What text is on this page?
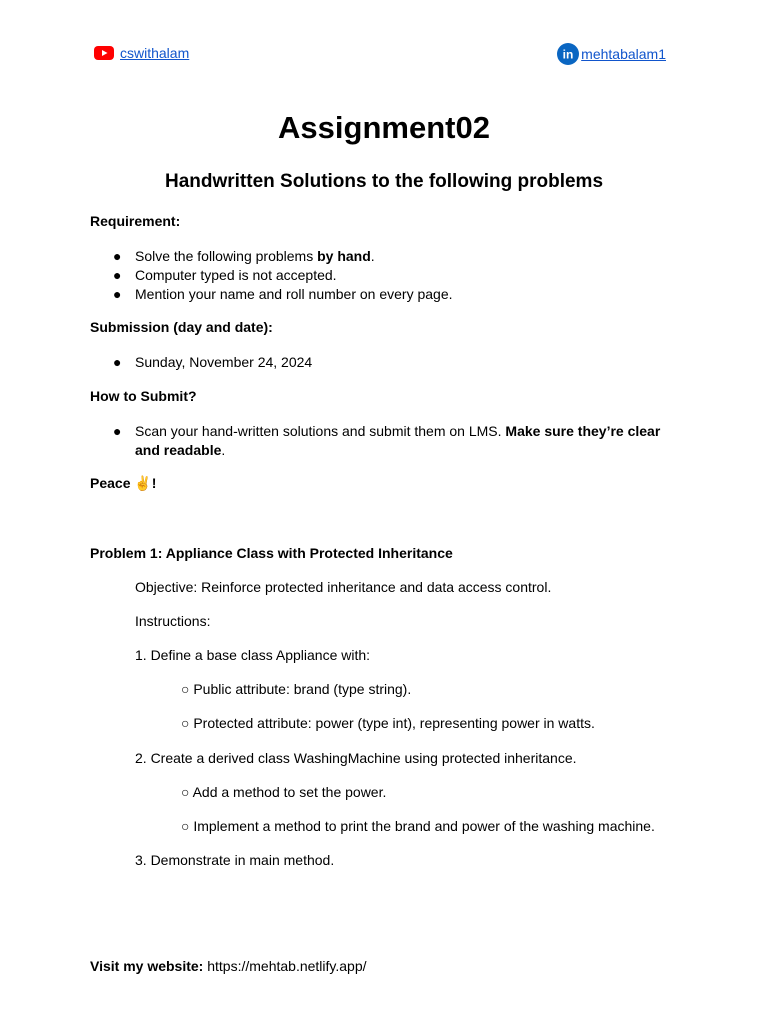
cswithalam	in mehtabalam1
Assignment02
Handwritten Solutions to the following problems
Requirement:
● Solve the following problems by hand.
● Computer typed is not accepted.
● Mention your name and roll number on every page.
Submission (day and date):
● Sunday, November 24, 2024
How to Submit?
● Scan your hand-written solutions and submit them on LMS. Make sure they’re clear and readable.
Peace ✌!
Problem 1: Appliance Class with Protected Inheritance
Objective: Reinforce protected inheritance and data access control.
Instructions:
1. Define a base class Appliance with:
○ Public attribute: brand (type string).
○ Protected attribute: power (type int), representing power in watts.
2. Create a derived class WashingMachine using protected inheritance.
○ Add a method to set the power.
○ Implement a method to print the brand and power of the washing machine.
3. Demonstrate in main method.
Visit my website: https://mehtab.netlify.app/
